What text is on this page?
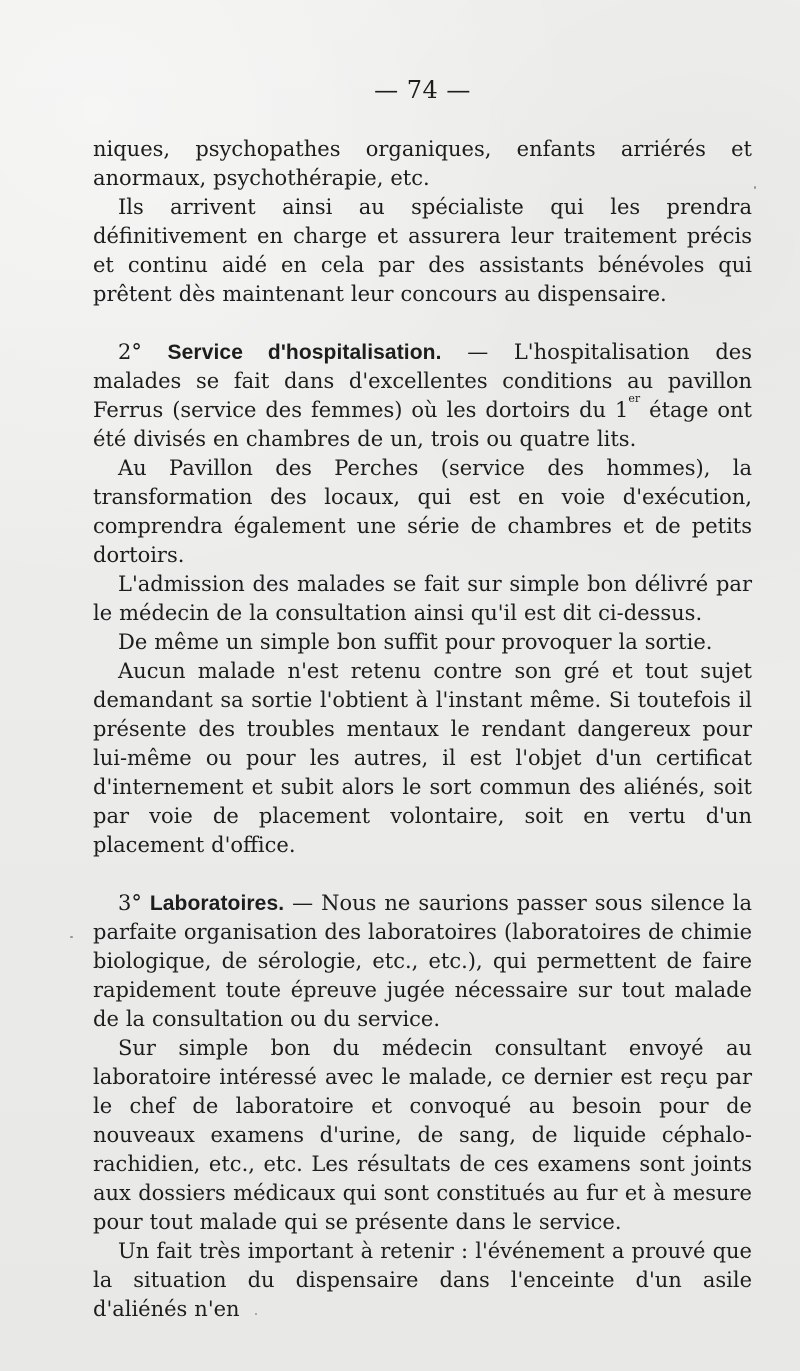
— 74 —

niques, psychopathes organiques, enfants arriérés et anormaux, psychothérapie, etc.

Ils arrivent ainsi au spécialiste qui les prendra définitivement en charge et assurera leur traitement précis et continu aidé en cela par des assistants bénévoles qui prêtent dès maintenant leur concours au dispensaire.

2° Service d'hospitalisation. — L'hospitalisation des malades se fait dans d'excellentes conditions au pavillon Ferrus (service des femmes) où les dortoirs du 1er étage ont été divisés en chambres de un, trois ou quatre lits.

Au Pavillon des Perches (service des hommes), la transformation des locaux, qui est en voie d'exécution, comprendra également une série de chambres et de petits dortoirs.

L'admission des malades se fait sur simple bon délivré par le médecin de la consultation ainsi qu'il est dit ci-dessus.

De même un simple bon suffit pour provoquer la sortie.

Aucun malade n'est retenu contre son gré et tout sujet demandant sa sortie l'obtient à l'instant même. Si toutefois il présente des troubles mentaux le rendant dangereux pour lui-même ou pour les autres, il est l'objet d'un certificat d'internement et subit alors le sort commun des aliénés, soit par voie de placement volontaire, soit en vertu d'un placement d'office.

3° Laboratoires. — Nous ne saurions passer sous silence la parfaite organisation des laboratoires (laboratoires de chimie biologique, de sérologie, etc., etc.), qui permettent de faire rapidement toute épreuve jugée nécessaire sur tout malade de la consultation ou du service.

Sur simple bon du médecin consultant envoyé au laboratoire intéressé avec le malade, ce dernier est reçu par le chef de laboratoire et convoqué au besoin pour de nouveaux examens d'urine, de sang, de liquide céphalo-rachidien, etc., etc. Les résultats de ces examens sont joints aux dossiers médicaux qui sont constitués au fur et à mesure pour tout malade qui se présente dans le service.

Un fait très important à retenir : l'événement a prouvé que la situation du dispensaire dans l'enceinte d'un asile d'aliénés n'en
